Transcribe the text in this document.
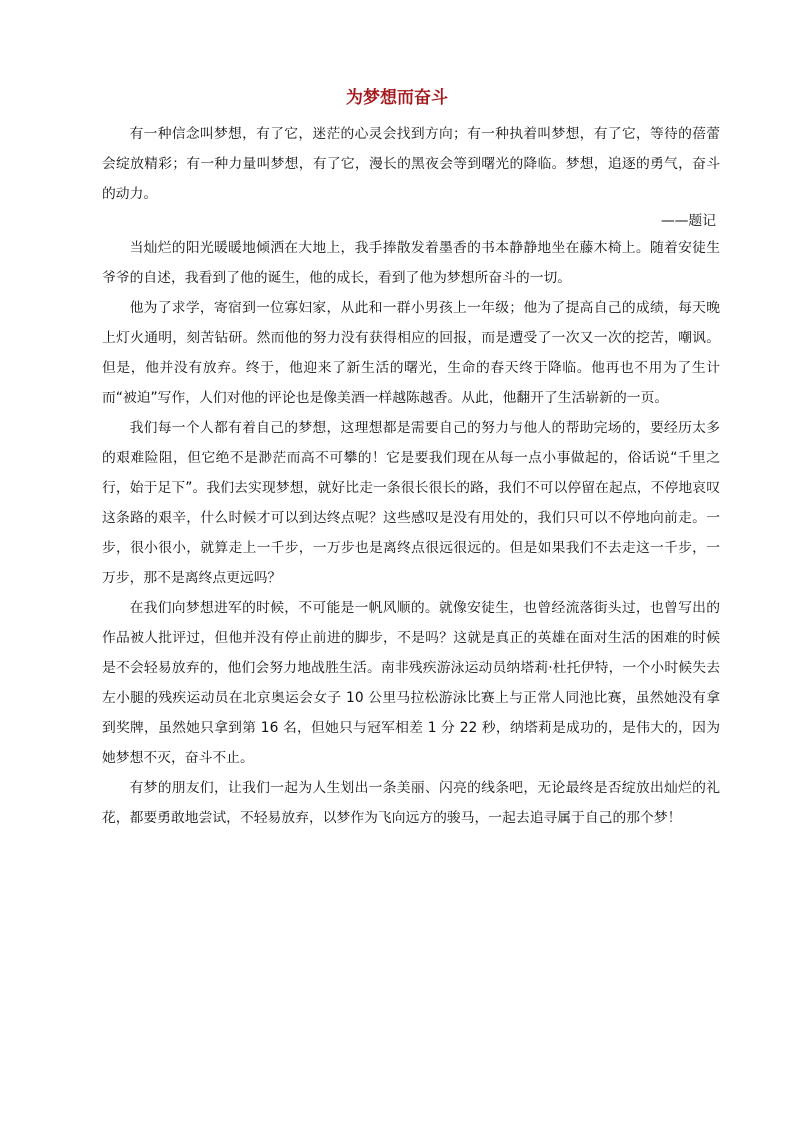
为梦想而奋斗

有一种信念叫梦想，有了它，迷茫的心灵会找到方向；有一种执着叫梦想，有了它，等待的蓓蕾会绽放精彩；有一种力量叫梦想，有了它，漫长的黑夜会等到曙光的降临。梦想，追逐的勇气，奋斗的动力。

——题记

当灿烂的阳光暖暖地倾洒在大地上，我手捧散发着墨香的书本静静地坐在藤木椅上。随着安徒生爷爷的自述，我看到了他的诞生，他的成长，看到了他为梦想所奋斗的一切。

他为了求学，寄宿到一位寡妇家，从此和一群小男孩上一年级；他为了提高自己的成绩，每天晚上灯火通明，刻苦钻研。然而他的努力没有获得相应的回报，而是遭受了一次又一次的挖苦，嘲讽。但是，他并没有放弃。终于，他迎来了新生活的曙光，生命的春天终于降临。他再也不用为了生计而“被迫”写作，人们对他的评论也是像美酒一样越陈越香。从此，他翻开了生活崭新的一页。

我们每一个人都有着自己的梦想，这理想都是需要自己的努力与他人的帮助完场的，要经历太多的艰难险阻，但它绝不是渺茫而高不可攀的！它是要我们现在从每一点小事做起的，俗话说“千里之行，始于足下”。我们去实现梦想，就好比走一条很长很长的路，我们不可以停留在起点，不停地哀叹这条路的艰辛，什么时候才可以到达终点呢？这些感叹是没有用处的，我们只可以不停地向前走。一步，很小很小，就算走上一千步，一万步也是离终点很远很远的。但是如果我们不去走这一千步，一万步，那不是离终点更远吗？

在我们向梦想进军的时候，不可能是一帆风顺的。就像安徒生，也曾经流落街头过，也曾写出的作品被人批评过，但他并没有停止前进的脚步，不是吗？这就是真正的英雄在面对生活的困难的时候是不会轻易放弃的，他们会努力地战胜生活。南非残疾游泳运动员纳塔莉·杜托伊特，一个小时候失去左小腿的残疾运动员在北京奥运会女子 10 公里马拉松游泳比赛上与正常人同池比赛，虽然她没有拿到奖牌，虽然她只拿到第 16 名，但她只与冠军相差 1 分 22 秒，纳塔莉是成功的，是伟大的，因为她梦想不灭，奋斗不止。

有梦的朋友们，让我们一起为人生划出一条美丽、闪亮的线条吧，无论最终是否绽放出灿烂的礼花，都要勇敢地尝试，不轻易放弃，以梦作为飞向远方的骏马，一起去追寻属于自己的那个梦！
